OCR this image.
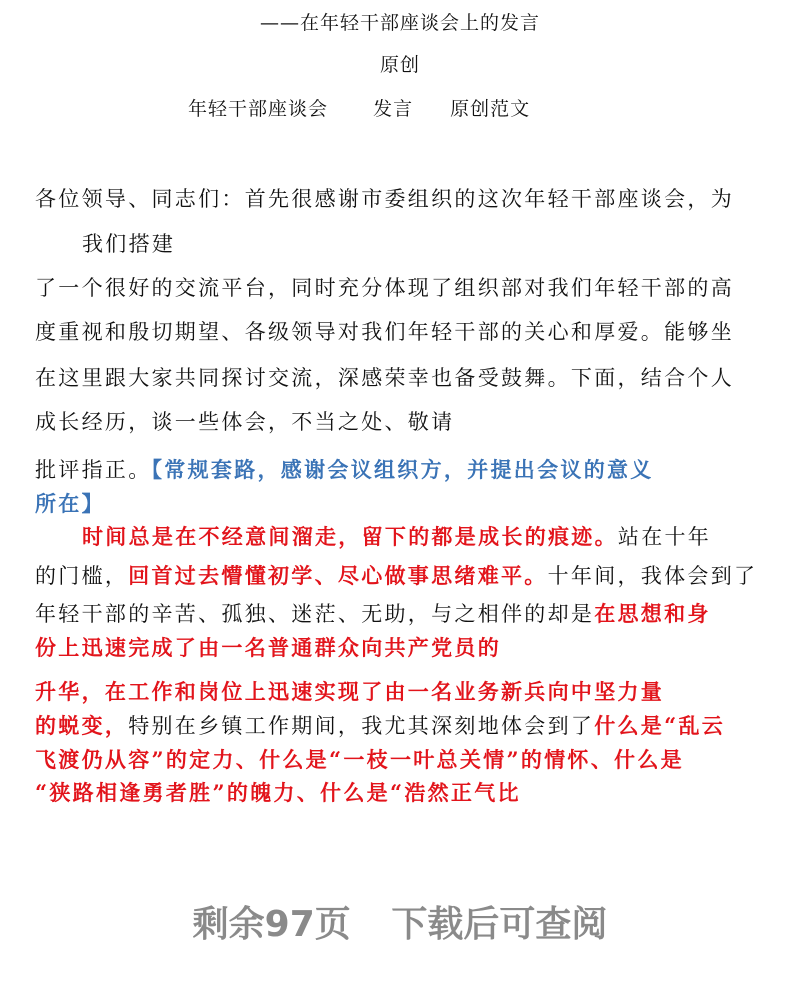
——在年轻干部座谈会上的发言
原创
年轻干部座谈会 发言 原创范文
各位领导、同志们：首先很感谢市委组织的这次年轻干部座谈会，为
我们搭建
了一个很好的交流平台，同时充分体现了组织部对我们年轻干部的高
度重视和殷切期望、各级领导对我们年轻干部的关心和厚爱。能够坐
在这里跟大家共同探讨交流，深感荣幸也备受鼓舞。下面，结合个人
成长经历，谈一些体会，不当之处、敬请
批评指正。【常规套路，感谢会议组织方，并提出会议的意义
所在】
时间总是在不经意间溜走，留下的都是成长的痕迹。站在十年
的门槛，回首过去懵懂初学、尽心做事思绪难平。十年间，我体会到了
年轻干部的辛苦、孤独、迷茫、无助，与之相伴的却是在思想和身
份上迅速完成了由一名普通群众向共产党员的
升华，在工作和岗位上迅速实现了由一名业务新兵向中坚力量
的蜕变，特别在乡镇工作期间，我尤其深刻地体会到了什么是“乱云
飞渡仍从容”的定力、什么是“一枝一叶总关情”的情怀、什么是
“狭路相逢勇者胜”的魄力、什么是“浩然正气比
剩余97页 下载后可查阅
